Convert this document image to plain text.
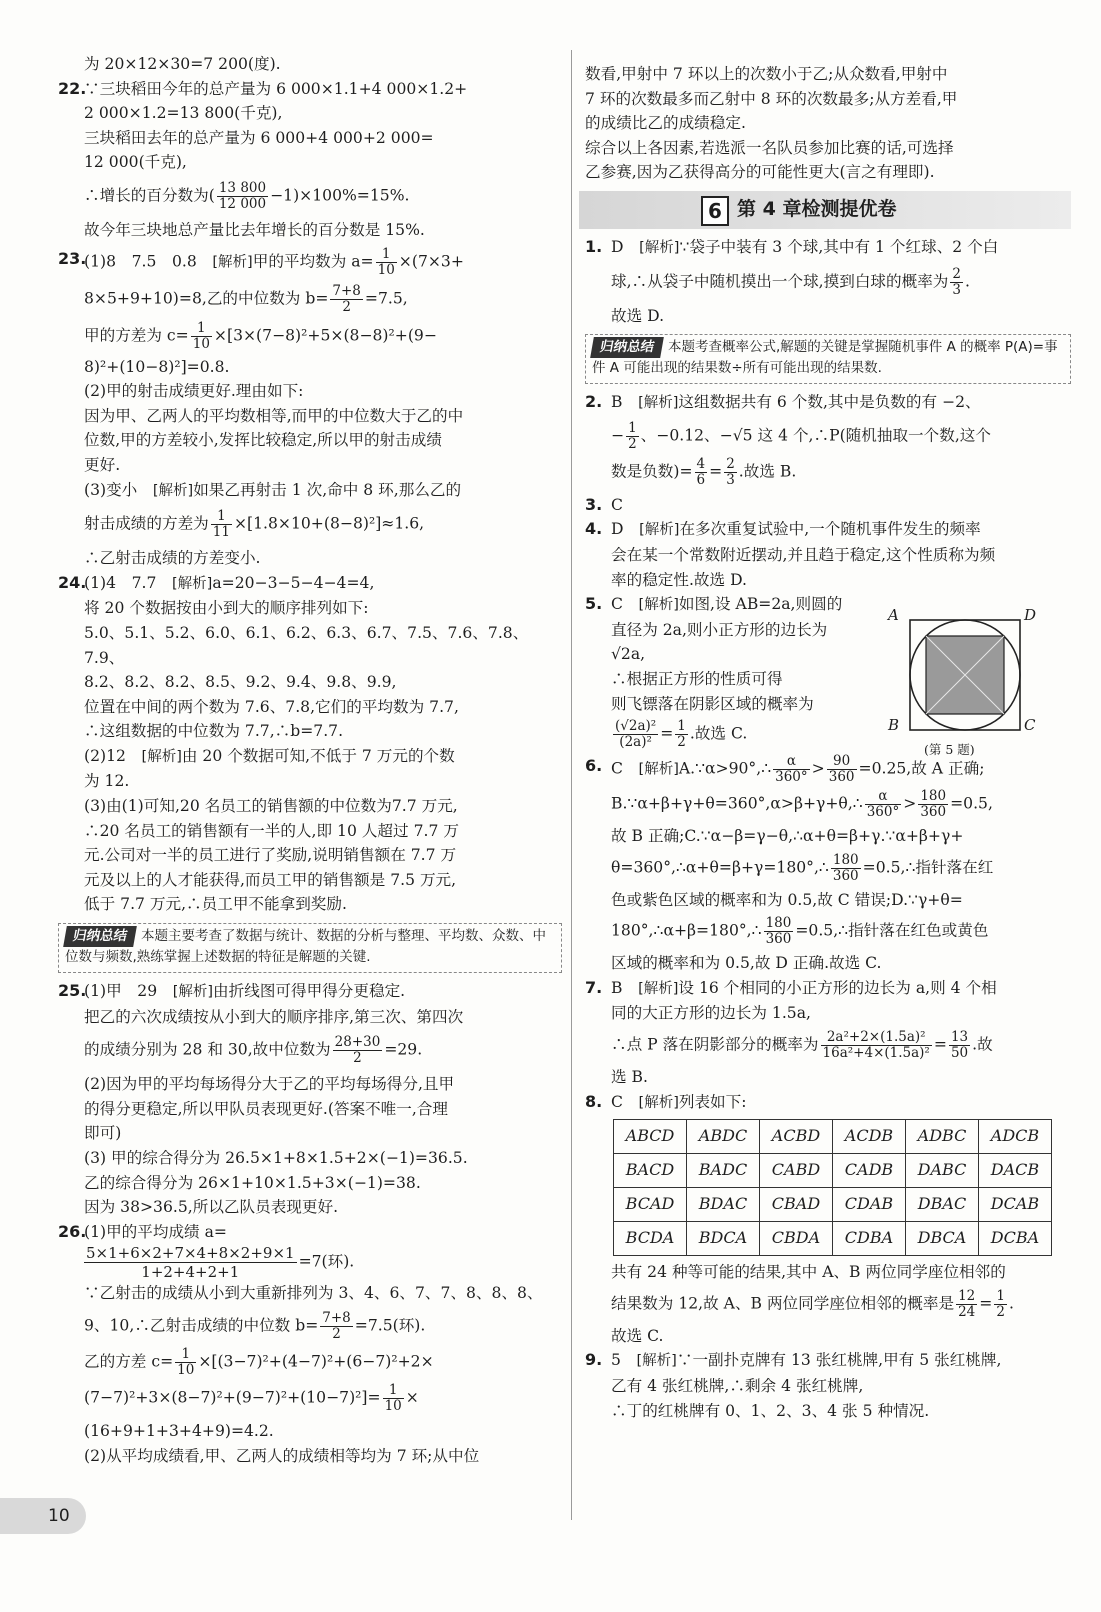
为 20×12×30=7 200(度).

22.

∵三块稻田今年的总产量为 6 000×1.1+4 000×1.2+

2 000×1.2=13 800(千克),

三块稻田去年的总产量为 6 000+4 000+2 000=

12 000(千克),

∴增长的百分数为( $\frac{13 800}{12 000} -1)\times 100\%=15\%$.

故今年三块地总产量比去年增长的百分数是 15%.

23.

(1)8　7.5　0.8　[解析]甲的平均数为 $a= \frac{1}{10} \times(7\times 3+$

8×5+9+10)=8,乙的中位数为 $b= \frac{7+8}{2} =7.5$,

甲的方差为 $c= \frac{1}{10} \times[3\times(7-8)^2+5\times(8-8)^2+(9-$

8)²+(10−8)²]=0.8.

(2)甲的射击成绩更好.理由如下:

因为甲、乙两人的平均数相等,而甲的中位数大于乙的中

位数,甲的方差较小,发挥比较稳定,所以甲的射击成绩

更好.

(3)变小　[解析]如果乙再射击 1 次,命中 8 环,那么乙的

射击成绩的方差为 $\frac{1}{11} \times[1.8\times 10+(8-8)^2]\approx 1.6$,

∴乙射击成绩的方差变小.

24.

(1)4　7.7　[解析]a=20−3−5−4−4=4,

将 20 个数据按由小到大的顺序排列如下:

5.0、5.1、5.2、6.0、6.1、6.2、6.3、6.7、7.5、7.6、7.8、7.9、

8.2、8.2、8.2、8.5、9.2、9.4、9.8、9.9,

位置在中间的两个数为 7.6、7.8,它们的平均数为 7.7,

∴这组数据的中位数为 7.7,∴b=7.7.

(2)12　[解析]由 20 个数据可知,不低于 7 万元的个数

为 12.

(3)由(1)可知,20 名员工的销售额的中位数为7.7 万元,

∴20 名员工的销售额有一半的人,即 10 人超过 7.7 万

元.公司对一半的员工进行了奖励,说明销售额在 7.7 万

元及以上的人才能获得,而员工甲的销售额是 7.5 万元,

低于 7.7 万元,∴员工甲不能拿到奖励.

归纳总结 本题主要考查了数据与统计、数据的分析与整理、平均数、众数、中位数与频数,熟练掌握上述数据的特征是解题的关键.
25.

(1)甲　29　[解析]由折线图可得甲得分更稳定.

把乙的六次成绩按从小到大的顺序排序,第三次、第四次

的成绩分别为 28 和 30,故中位数为 $\frac{28+30}{2} =29$.

(2)因为甲的平均每场得分大于乙的平均每场得分,且甲

的得分更稳定,所以甲队员表现更好.(答案不唯一,合理

即可)

(3) 甲的综合得分为 26.5×1+8×1.5+2×(−1)=36.5.

乙的综合得分为 26×1+10×1.5+3×(−1)=38.

因为 38>36.5,所以乙队员表现更好.

26.

(1)甲的平均成绩 a=

$\frac{5\times 1+6\times 2+7\times 4+8\times 2+9\times 1}{1+2+4+2+1} =7$(环).

∵乙射击的成绩从小到大重新排列为 3、4、6、7、7、8、8、8、

9、10,∴乙射击成绩的中位数 $b= \frac{7+8}{2} =7.5$(环).

乙的方差 $c= \frac{1}{10} \times[(3-7)^2+(4-7)^2+(6-7)^2+2\times$

$(7-7)^2+3\times(8-7)^2+(9-7)^2+(10-7)^2]= \frac{1}{10}$ ×

(16+9+1+3+4+9)=4.2.

(2)从平均成绩看,甲、乙两人的成绩相等均为 7 环;从中位

数看,甲射中 7 环以上的次数小于乙;从众数看,甲射中

7 环的次数最多而乙射中 8 环的次数最多;从方差看,甲

的成绩比乙的成绩稳定.

综合以上各因素,若选派一名队员参加比赛的话,可选择

乙参赛,因为乙获得高分的可能性更大(言之有理即).

6 第 4 章检测提优卷
1. D　[解析]∵袋子中装有 3 个球,其中有 1 个红球、2 个白

球,∴从袋子中随机摸出一个球,摸到白球的概率为 $\frac{2}{3}$ .

故选 D.

归纳总结 本题考查概率公式,解题的关键是掌握随机事件 A 的概率 P(A)=事件 A 可能出现的结果数÷所有可能出现的结果数.
2. B　[解析]这组数据共有 6 个数,其中是负数的有 −2、

− $\frac{1}{2}$ 、−0.12、−√5 这 4 个,∴P(随机抽取一个数,这个

数是负数)= $\frac{4}{6} = \frac{2}{3}$ .故选 B.

3. C

4. D　[解析]在多次重复试验中,一个随机事件发生的频率

会在某一个常数附近摆动,并且趋于稳定,这个性质称为频

率的稳定性.故选 D.

5. C　[解析]如图,设 AB=2a,则圆的

直径为 2a,则小正方形的边长为

√2a,

∴根据正方形的性质可得

则飞镖落在阴影区域的概率为

$\frac{\text{(√2a)²}}{\text{(2a)²}} = \frac{1}{2}$ .故选 C.

6. C　[解析]A.∵α>90°,∴ $\frac{\alpha}{360^\circ} > \frac{90}{360} =0.25$,故 A 正确;

B.∵α+β+γ+θ=360°,α>β+γ+θ,∴ $\frac{\alpha}{360^\circ} > \frac{180}{360} =0.5$,

故 B 正确;C.∵α−β=γ−θ,∴α+θ=β+γ.∵α+β+γ+

θ=360°,∴α+θ=β+γ=180°,∴ $\frac{180}{360}$ =0.5,∴指针落在红

色或紫色区域的概率和为 0.5,故 C 错误;D.∵γ+θ=

180°,∴α+β=180°,∴ $\frac{180}{360}$ =0.5,∴指针落在红色或黄色

区域的概率和为 0.5,故 D 正确.故选 C.

7. B　[解析]设 16 个相同的小正方形的边长为 a,则 4 个相

同的大正方形的边长为 1.5a,

∴点 P 落在阴影部分的概率为 $\frac{\text{2a²+2×(1.5a)²}}{\text{16a²+4×(1.5a)²}} = \frac{13}{50}$ .故

选 B.

8. C　[解析]列表如下:

ABCD	ABDC	ACBD	ACDB	ADBC	ADCB
BACD	BADC	CABD	CADB	DABC	DACB
BCAD	BDAC	CBAD	CDAB	DBAC	DCAB
BCDA	BDCA	CBDA	CDBA	DBCA	DCBA

共有 24 种等可能的结果,其中 A、B 两位同学座位相邻的

结果数为 12,故 A、B 两位同学座位相邻的概率是 $\frac{12}{24} = \frac{1}{2}$ .

故选 C.

9. 5　[解析]∵一副扑克牌有 13 张红桃牌,甲有 5 张红桃牌,

乙有 4 张红桃牌,∴剩余 4 张红桃牌,

∴丁的红桃牌有 0、1、2、3、4 张 5 种情况.

A	D
B	C
(第 5 题)
10
